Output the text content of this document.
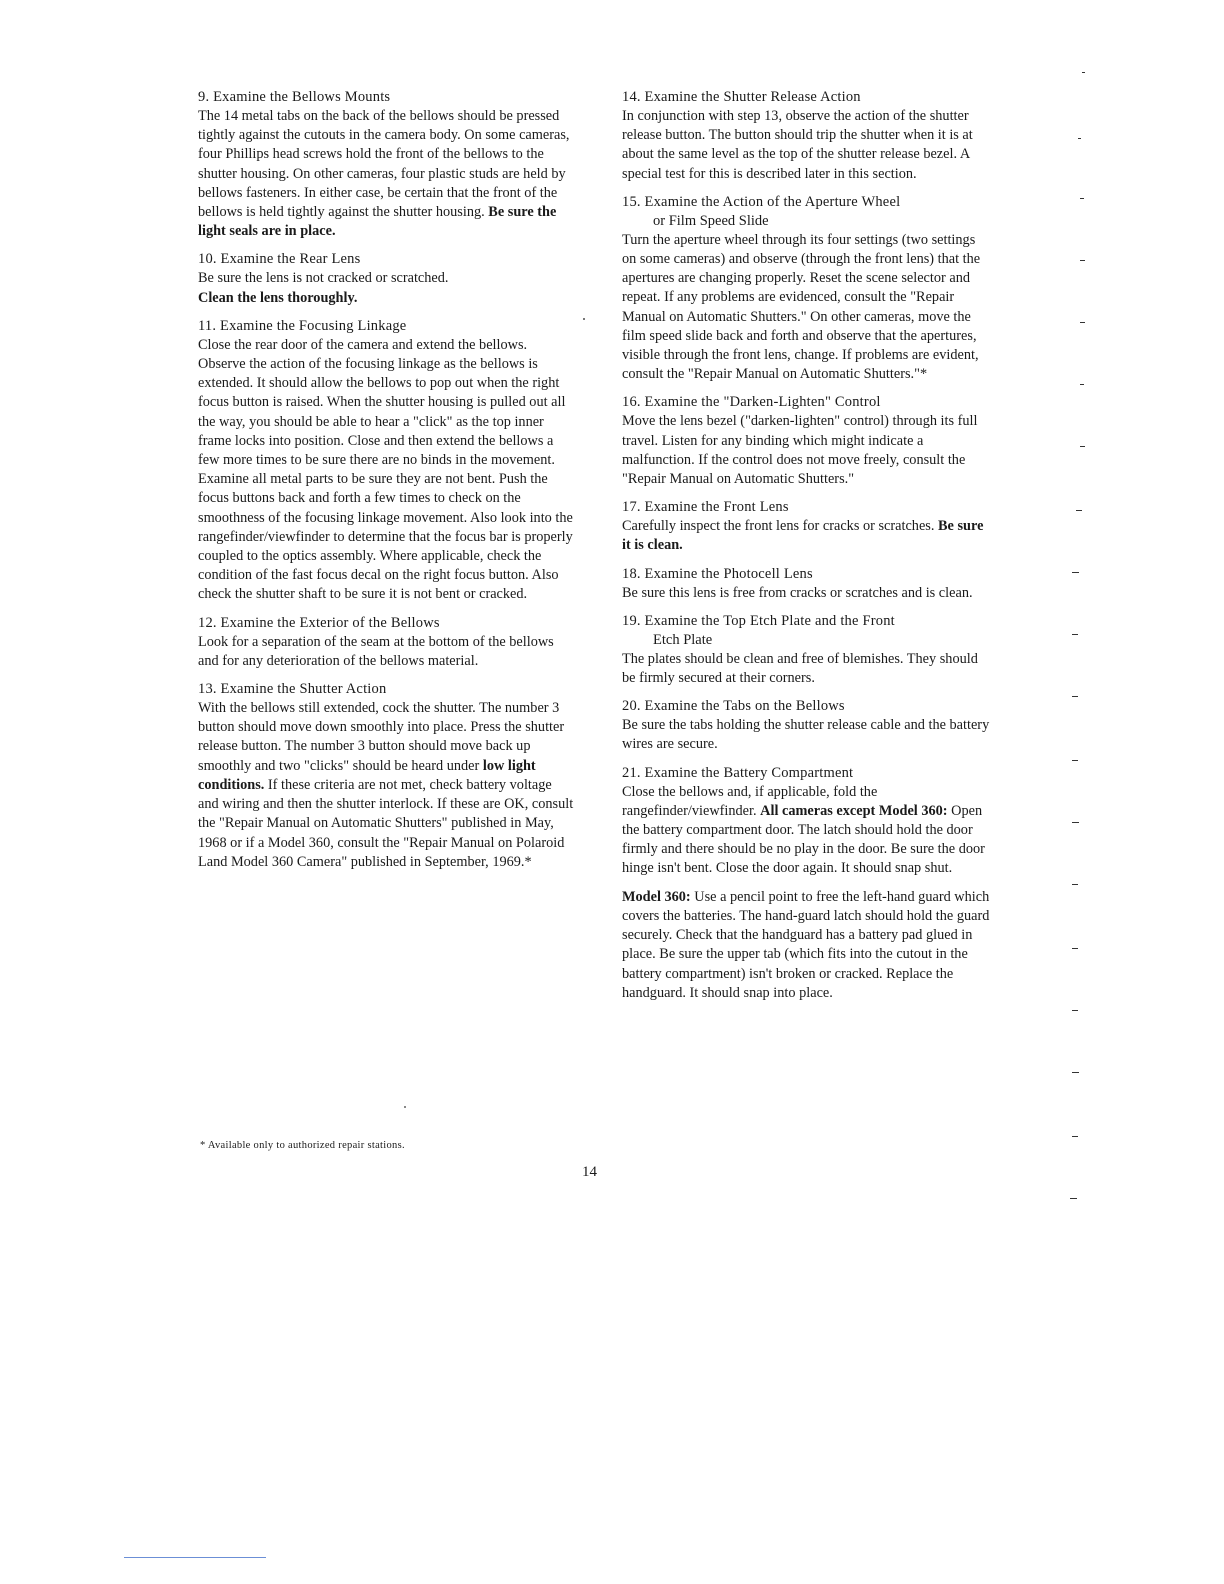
9. Examine the Bellows Mounts
The 14 metal tabs on the back of the bellows should be pressed tightly against the cutouts in the camera body. On some cameras, four Phillips head screws hold the front of the bellows to the shutter housing. On other cameras, four plastic studs are held by bellows fasteners. In either case, be certain that the front of the bellows is held tightly against the shutter housing. Be sure the light seals are in place.
10. Examine the Rear Lens
Be sure the lens is not cracked or scratched.
Clean the lens thoroughly.
11. Examine the Focusing Linkage
Close the rear door of the camera and extend the bellows. Observe the action of the focusing linkage as the bellows is extended. It should allow the bellows to pop out when the right focus button is raised. When the shutter housing is pulled out all the way, you should be able to hear a "click" as the top inner frame locks into position. Close and then extend the bellows a few more times to be sure there are no binds in the movement. Examine all metal parts to be sure they are not bent. Push the focus buttons back and forth a few times to check on the smoothness of the focusing linkage movement. Also look into the rangefinder/viewfinder to determine that the focus bar is properly coupled to the optics assembly. Where applicable, check the condition of the fast focus decal on the right focus button. Also check the shutter shaft to be sure it is not bent or cracked.
12. Examine the Exterior of the Bellows
Look for a separation of the seam at the bottom of the bellows and for any deterioration of the bellows material.
13. Examine the Shutter Action
With the bellows still extended, cock the shutter. The number 3 button should move down smoothly into place. Press the shutter release button. The number 3 button should move back up smoothly and two "clicks" should be heard under low light conditions. If these criteria are not met, check battery voltage and wiring and then the shutter interlock. If these are OK, consult the "Repair Manual on Automatic Shutters" published in May, 1968 or if a Model 360, consult the "Repair Manual on Polaroid Land Model 360 Camera" published in September, 1969.*
14. Examine the Shutter Release Action
In conjunction with step 13, observe the action of the shutter release button. The button should trip the shutter when it is at about the same level as the top of the shutter release bezel. A special test for this is described later in this section.
15. Examine the Action of the Aperture Wheel
or Film Speed Slide
Turn the aperture wheel through its four settings (two settings on some cameras) and observe (through the front lens) that the apertures are changing properly. Reset the scene selector and repeat. If any problems are evidenced, consult the "Repair Manual on Automatic Shutters." On other cameras, move the film speed slide back and forth and observe that the apertures, visible through the front lens, change. If problems are evident, consult the "Repair Manual on Automatic Shutters."*
16. Examine the "Darken-Lighten" Control
Move the lens bezel ("darken-lighten" control) through its full travel. Listen for any binding which might indicate a malfunction. If the control does not move freely, consult the "Repair Manual on Automatic Shutters."
17. Examine the Front Lens
Carefully inspect the front lens for cracks or scratches. Be sure it is clean.
18. Examine the Photocell Lens
Be sure this lens is free from cracks or scratches and is clean.
19. Examine the Top Etch Plate and the Front
Etch Plate
The plates should be clean and free of blemishes. They should be firmly secured at their corners.
20. Examine the Tabs on the Bellows
Be sure the tabs holding the shutter release cable and the battery wires are secure.
21. Examine the Battery Compartment
Close the bellows and, if applicable, fold the rangefinder/viewfinder. All cameras except Model 360: Open the battery compartment door. The latch should hold the door firmly and there should be no play in the door. Be sure the door hinge isn't bent. Close the door again. It should snap shut.
Model 360: Use a pencil point to free the left-hand guard which covers the batteries. The hand-guard latch should hold the guard securely. Check that the handguard has a battery pad glued in place. Be sure the upper tab (which fits into the cutout in the battery compartment) isn't broken or cracked. Replace the handguard. It should snap into place.
* Available only to authorized repair stations.
14
